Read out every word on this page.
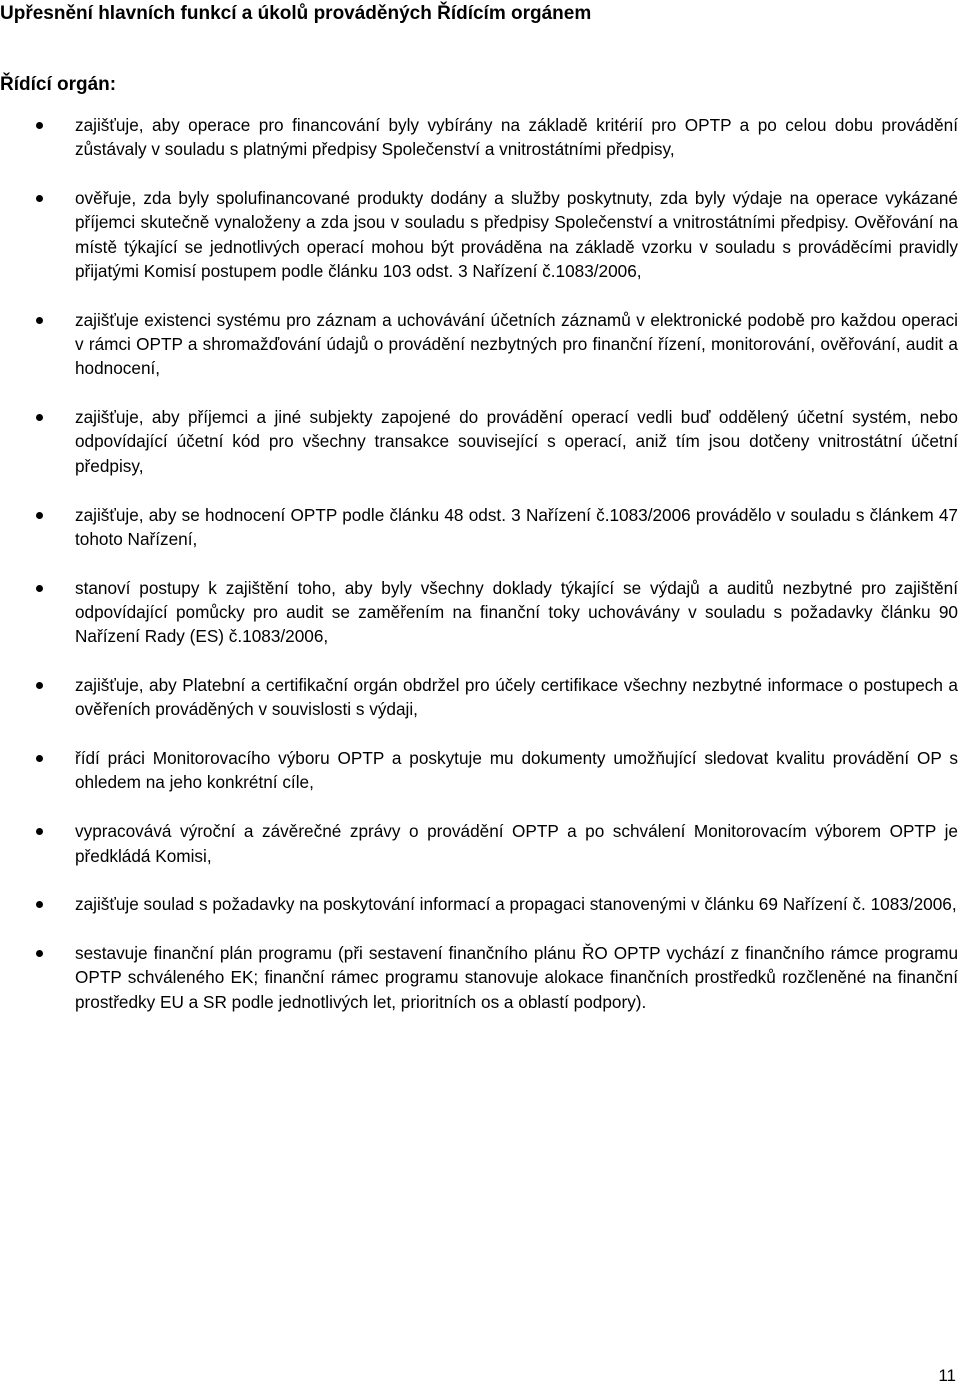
Upřesnění hlavních funkcí a úkolů prováděných Řídícím orgánem
Řídící orgán:
zajišťuje, aby operace pro financování byly vybírány na základě kritérií pro OPTP a po celou dobu provádění zůstávaly v souladu s platnými předpisy Společenství a vnitrostátními předpisy,
ověřuje, zda byly spolufinancované produkty dodány a služby poskytnuty, zda byly výdaje na operace vykázané příjemci skutečně vynaloženy a zda jsou v souladu s předpisy Společenství a vnitrostátními předpisy. Ověřování na místě týkající se jednotlivých operací mohou být prováděna na základě vzorku v souladu s prováděcími pravidly přijatými Komisí postupem podle článku 103 odst. 3 Nařízení č.1083/2006,
zajišťuje existenci systému pro záznam a uchovávání účetních záznamů v elektronické podobě pro každou operaci v rámci OPTP a shromažďování údajů o provádění nezbytných pro finanční řízení, monitorování, ověřování, audit a hodnocení,
zajišťuje, aby příjemci a jiné subjekty zapojené do provádění operací vedli buď oddělený účetní systém, nebo odpovídající účetní kód pro všechny transakce související s operací, aniž tím jsou dotčeny vnitrostátní účetní předpisy,
zajišťuje, aby se hodnocení OPTP podle článku 48 odst. 3 Nařízení č.1083/2006 provádělo v souladu s článkem 47 tohoto Nařízení,
stanoví postupy k zajištění toho, aby byly všechny doklady týkající se výdajů a auditů nezbytné pro zajištění odpovídající pomůcky pro audit se zaměřením na finanční toky uchovávány v souladu s požadavky článku 90 Nařízení Rady (ES) č.1083/2006,
zajišťuje, aby Platební a certifikační orgán obdržel pro účely certifikace všechny nezbytné informace o postupech a ověřeních prováděných v souvislosti s výdaji,
řídí práci Monitorovacího výboru OPTP a poskytuje mu dokumenty umožňující sledovat kvalitu provádění OP s ohledem na jeho konkrétní cíle,
vypracovává výroční a závěrečné zprávy o provádění OPTP a po schválení Monitorovacím výborem OPTP je předkládá Komisi,
zajišťuje soulad s požadavky na poskytování informací a propagaci stanovenými v článku 69 Nařízení č. 1083/2006,
sestavuje finanční plán programu (při sestavení finančního plánu ŘO OPTP vychází z finančního rámce programu OPTP schváleného EK; finanční rámec programu stanovuje alokace finančních prostředků rozčleněné na finanční prostředky EU a SR podle jednotlivých let, prioritních os a oblastí podpory).
11
